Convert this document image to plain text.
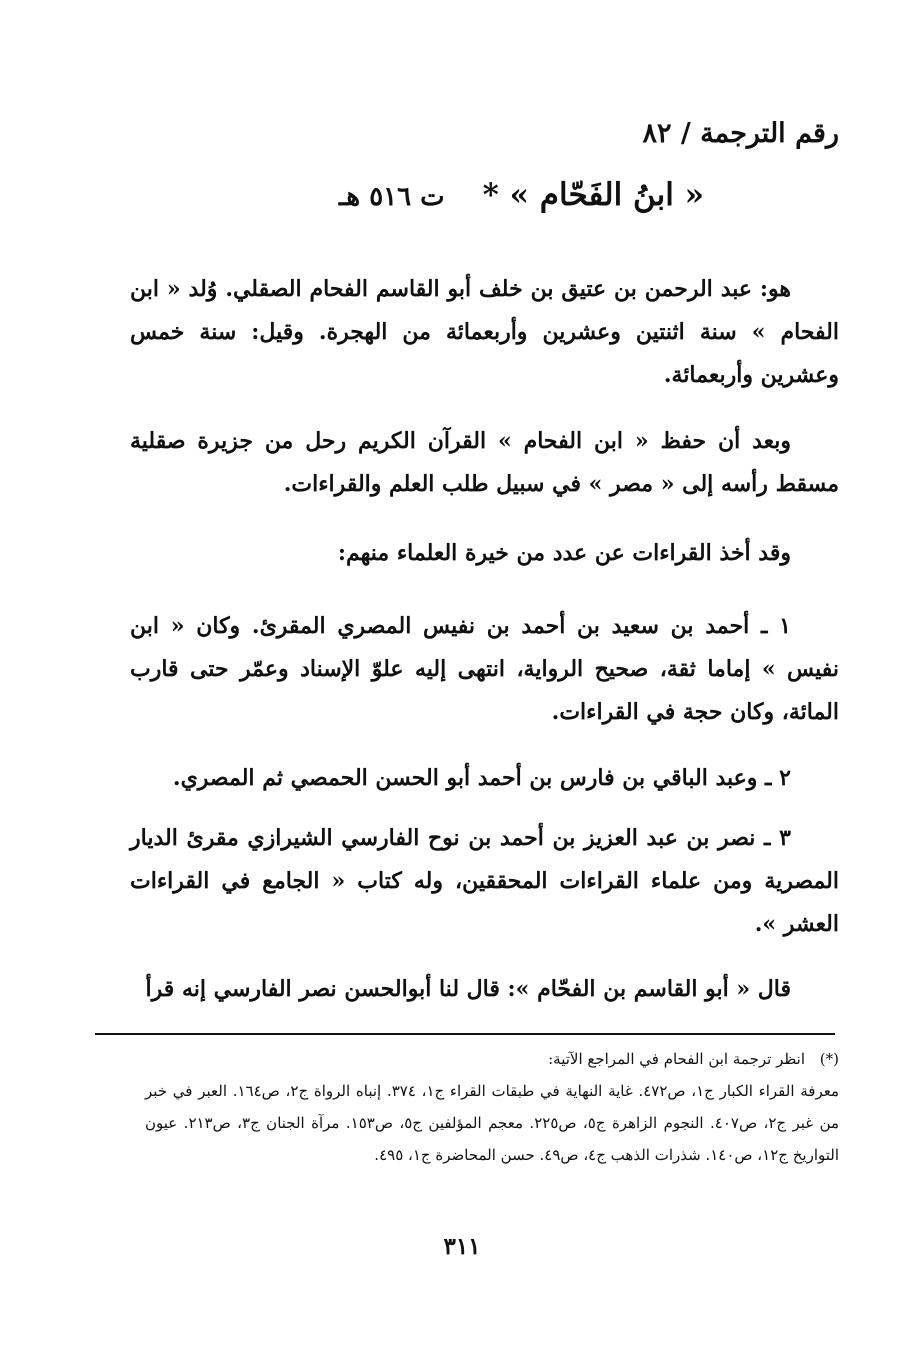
رقم الترجمة / ٨٢
« ابنُ الفَحّام » *
ت ٥١٦ هـ

هو: عبد الرحمن بن عتيق بن خلف أبو القاسم الفحام الصقلي. وُلد « ابن الفحام » سنة اثنتين وعشرين وأربعمائة من الهجرة. وقيل: سنة خمس وعشرين وأربعمائة.

وبعد أن حفظ « ابن الفحام » القرآن الكريم رحل من جزيرة صقلية مسقط رأسه إلى « مصر » في سبيل طلب العلم والقراءات.

وقد أخذ القراءات عن عدد من خيرة العلماء منهم:

١ ـ أحمد بن سعيد بن أحمد بن نفيس المصري المقرئ. وكان « ابن نفيس » إماما ثقة، صحيح الرواية، انتهى إليه علوّ الإسناد وعمّر حتى قارب المائة، وكان حجة في القراءات.

٢ ـ وعبد الباقي بن فارس بن أحمد أبو الحسن الحمصي ثم المصري.

٣ ـ نصر بن عبد العزيز بن أحمد بن نوح الفارسي الشيرازي مقرئ الديار المصرية ومن علماء القراءات المحققين، وله كتاب « الجامع في القراءات العشر ».

قال « أبو القاسم بن الفحّام »: قال لنا أبوالحسن نصر الفارسي إنه قرأ

(*) انظر ترجمة ابن الفحام في المراجع الآتية:
معرفة القراء الكبار ج١، ص٤٧٢. غاية النهاية في طبقات القراء ج١، ٣٧٤. إنباه الرواة ج٢، ص١٦٤. العبر في خبر من غبر ج٢، ص٤٠٧. النجوم الزاهرة ج٥، ص٢٢٥. معجم المؤلفين ج٥، ص١٥٣. مرآة الجنان ج٣، ص٢١٣. عيون التواريخ ج١٢، ص١٤٠. شذرات الذهب ج٤، ص٤٩. حسن المحاضرة ج١، ٤٩٥.
٣١١
